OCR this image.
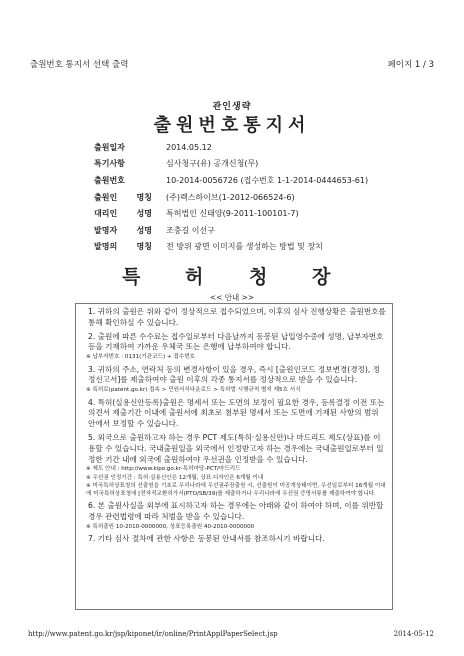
출원번호 통지서 선택 출력	페이지 1 / 3
관인생략
출원번호통지서
출원일자	2014.05.12
특기사항	심사청구(유) 공개신청(무)
출원번호	10-2014-0056726 (접수번호 1-1-2014-0444653-61)
출원인 명칭	(주)렉스하이브(1-2012-066524-6)
대리인 성명	특허법인 신태양(9-2011-100101-7)
발명자 성명	조충길 이선구
발명의 명칭	전 방위 광면 이미지를 생성하는 방법 및 장치
특 허 청 장
<< 안내 >>
1. 귀하의 출원은 위와 같이 정상적으로 접수되었으며, 이후의 심사 진행상황은 출원번호를 통해 확인하실 수 있습니다.
2. 출원에 따른 수수료는 접수일로부터 다음날까지 동봉된 납입영수증에 성명, 납부자번호 등을 기재하여 가까운 우체국 또는 은행에 납부하여야 합니다.
※ 납부자번호 : 0131(기관코드) + 접수번호
3. 귀하의 주소, 연락처 등의 변경사항이 있을 경우, 즉시 [출원인코드 정보변경(경정), 정정신고서]를 제출하여야 출원 이후의 각종 통지서를 정상적으로 받을 수 있습니다.
※ 특허로(patent.go.kr) 접속 > 민원서식다운로드 > 특허법 시행규칙 별지 제5호 서식
4. 특허(실용신안등록)출원은 명세서 또는 도면의 보정이 필요한 경우, 등록결정 이전 또는 의견서 제출기간 이내에 출원서에 최초로 첨부된 명세서 또는 도면에 기재된 사항의 범위 안에서 보정할 수 있습니다.
5. 외국으로 출원하고자 하는 경우 PCT 제도(특허·실용신안)나 마드리드 제도(상표)를 이용할 수 있습니다. 국내출원일을 외국에서 인정받고자 하는 경우에는 국내출원일로부터 일정한 기간 내에 외국에 출원하여야 우선권을 인정받을 수 있습니다.
※ 제도 안내 : http://www.kipo.go.kr-특허마당-PCT/마드리드
※ 우선권 인정기간 : 특허·실용신안은 12개월, 상표·디자인은 6개월 이내
※ 미국특허상표청의 선출원을 기초로 우리나라에 우선권주장출원 시, 선출원이 미공개상태이면, 우선일로부터 16개월 이내에 미국특허상표청에 [전자적교환허가서(PTO/SB/39)를 제출하거나 우리나라에 우선권 증명서류를 제출하여야 합니다.
6. 본 출원사실을 외부에 표시하고자 하는 경우에는 아래와 같이 하여야 하며, 이를 위반할 경우 관련법령에 따라 처벌을 받을 수 있습니다.
※ 특허출원 10-2010-0000000, 상표등록출원 40-2010-0000000
7. 기타 심사 절차에 관한 사항은 동봉된 안내서를 참조하시기 바랍니다.
http://www.patent.go.kr/jsp/kiponet/ir/online/PrintApplPaperSelect.jsp	2014-05-12
